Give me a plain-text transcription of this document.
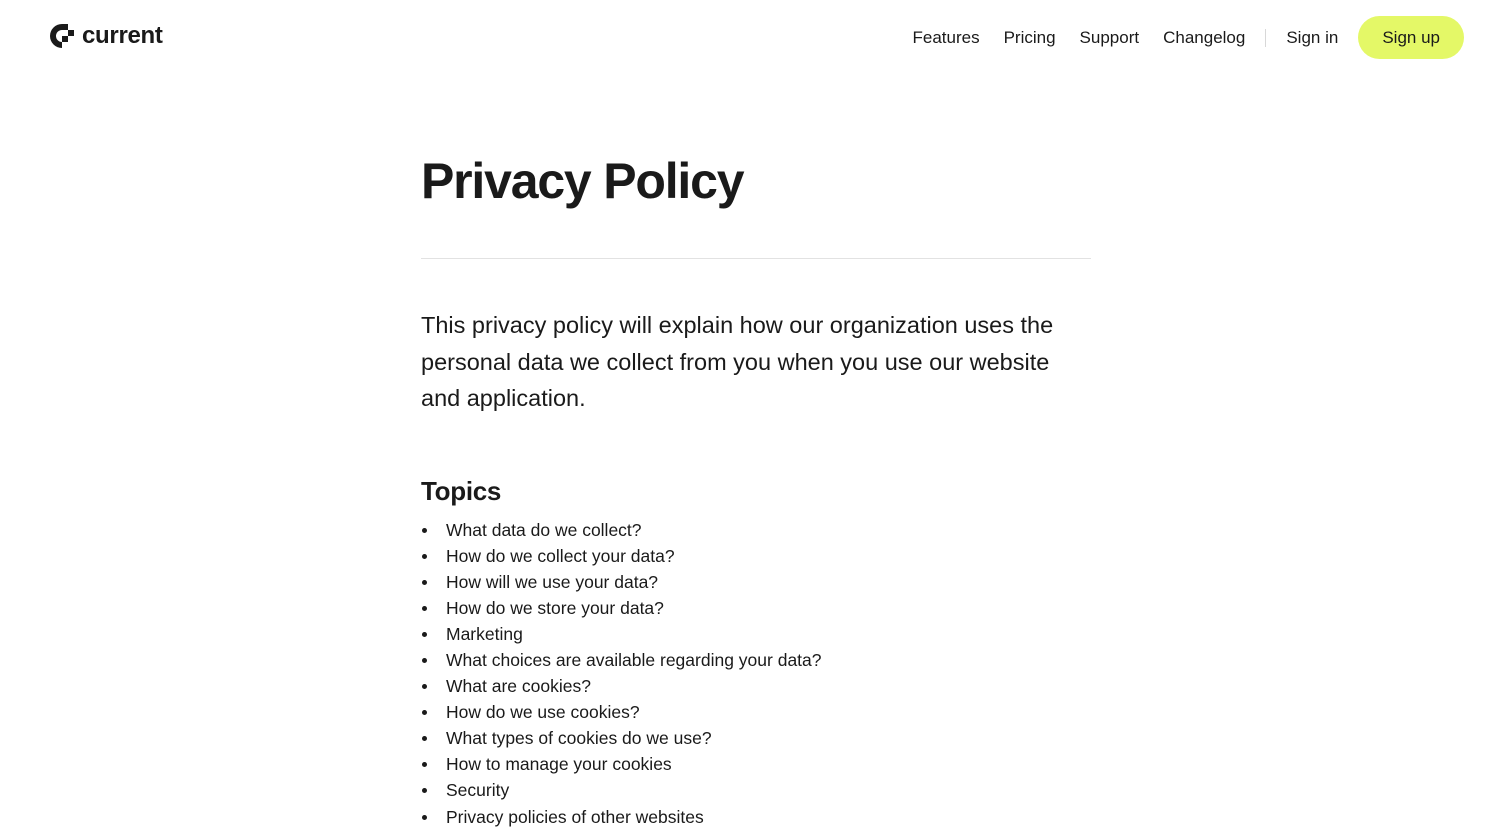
current	Features Pricing Support Changelog Sign in	Sign up
Privacy Policy

This privacy policy will explain how our organization uses the personal data we collect from you when you use our website and application.

Topics
What data do we collect?
How do we collect your data?
How will we use your data?
How do we store your data?
Marketing
What choices are available regarding your data?
What are cookies?
How do we use cookies?
What types of cookies do we use?
How to manage your cookies
Security
Privacy policies of other websites
